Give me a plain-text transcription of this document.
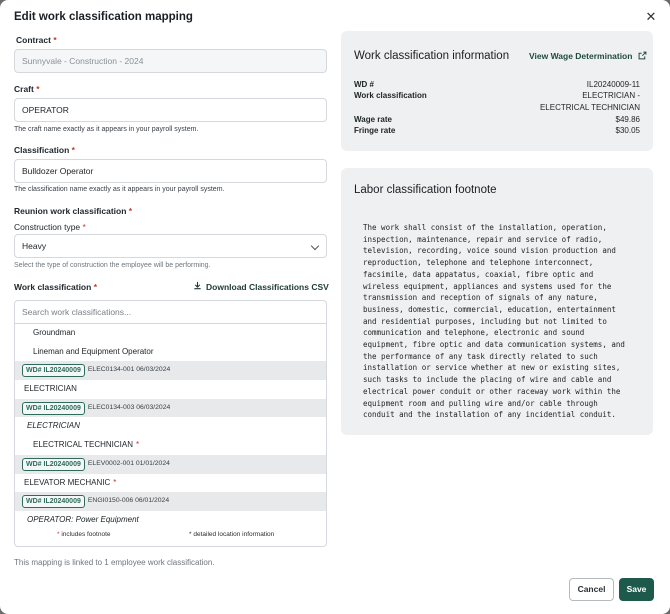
Edit work classification mapping	✕
Contract *
Sunnyvale - Construction - 2024
Craft *
OPERATOR
The craft name exactly as it appears in your payroll system.
Classification *
Bulldozer Operator
The classification name exactly as it appears in your payroll system.
Reunion work classification *
Construction type *
Heavy
Select the type of construction the employee will be performing.
Work classification *	Download Classifications CSV
Search work classifications...
Groundman
Lineman and Equipment Operator
WD# IL20240009 ELEC0134-001 06/03/2024
ELECTRICIAN
WD# IL20240009 ELEC0134-003 06/03/2024
ELECTRICIAN
ELECTRICAL TECHNICIAN *
WD# IL20240009 ELEV0002-001 01/01/2024
ELEVATOR MECHANIC *
WD# IL20240009 ENGI0150-006 06/01/2024
OPERATOR: Power Equipment
* includes footnote	* detailed location information
This mapping is linked to 1 employee work classification.
Cancel	Save
Work classification information View Wage Determination
WD #	IL20240009-11
Work classification	ELECTRICIAN -
ELECTRICAL TECHNICIAN
Wage rate	$49.86
Fringe rate	$30.05
Labor classification footnote
The work shall consist of the installation, operation,
inspection, maintenance, repair and service of radio,
television, recording, voice sound vision production and
reproduction, telephone and telephone interconnect,
facsimile, data appatatus, coaxial, fibre optic and
wireless equipment, appliances and systems used for the
transmission and reception of signals of any nature,
business, domestic, commercial, education, entertainment
and residential purposes, including but not limited to
communication and telephone, electronic and sound
equipment, fibre optic and data communication systems, and
the performance of any task directly related to such
installation or service whether at new or existing sites,
such tasks to include the placing of wire and cable and
electrical power conduit or other raceway work within the
equipment room and pulling wire and/or cable through
conduit and the installation of any incidential conduit.
